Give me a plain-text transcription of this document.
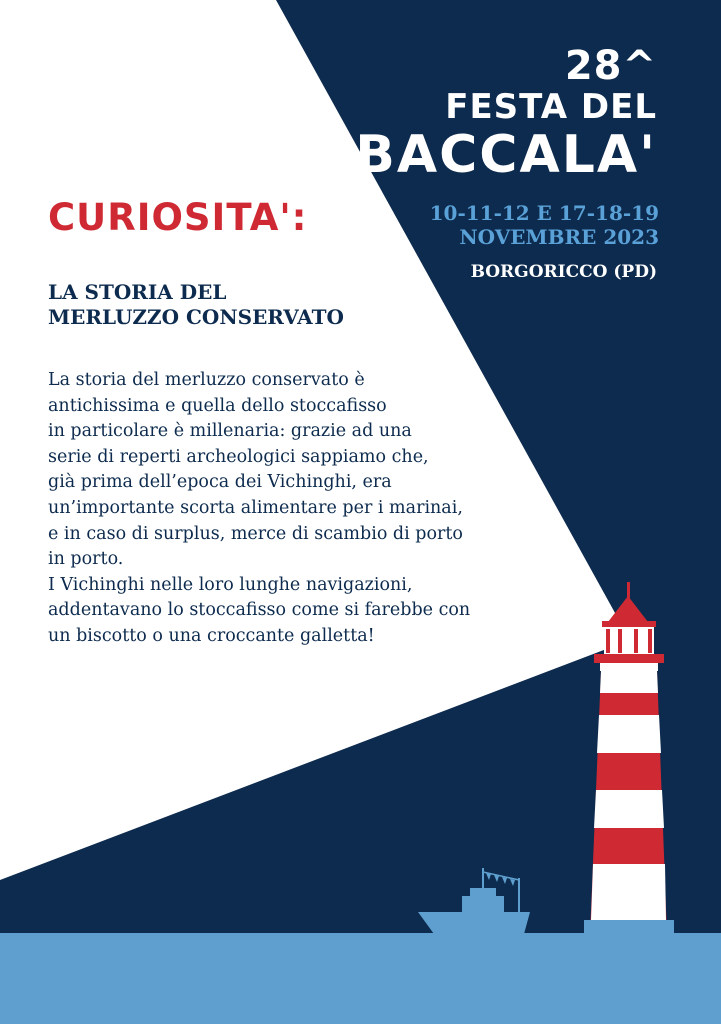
28^
FESTA DEL
BACCALA'
10-11-12 E 17-18-19
NOVEMBRE 2023
BORGORICCO (PD)
CURIOSITA':
LA STORIA DEL
MERLUZZO CONSERVATO
La storia del merluzzo conservato è
antichissima e quella dello stoccafisso
in particolare è millenaria: grazie ad una
serie di reperti archeologici sappiamo che,
già prima dell’epoca dei Vichinghi, era
un’importante scorta alimentare per i marinai,
e in caso di surplus, merce di scambio di porto
in porto.
I Vichinghi nelle loro lunghe navigazioni,
addentavano lo stoccafisso come si farebbe con
un biscotto o una croccante galletta!
